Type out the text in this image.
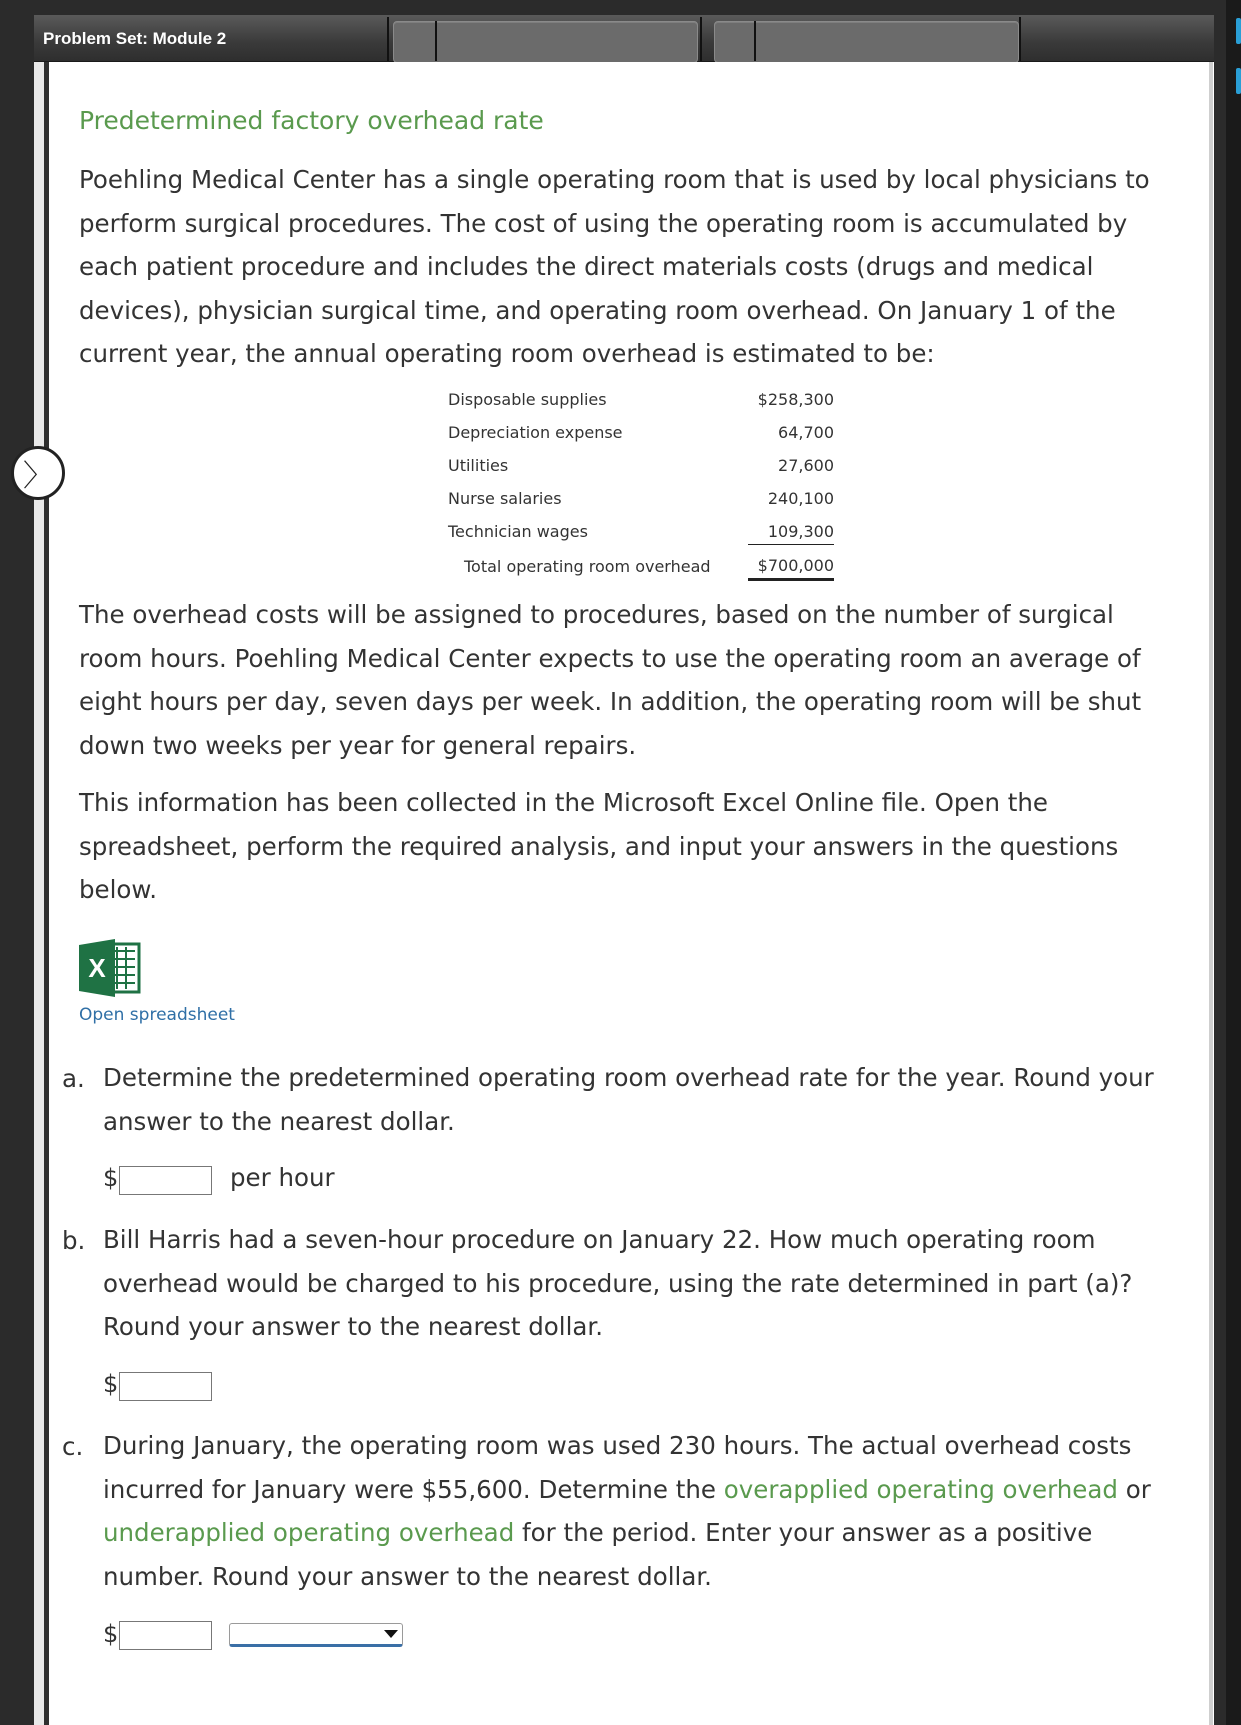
Problem Set: Module 2
〉
Predetermined factory overhead rate

Poehling Medical Center has a single operating room that is used by local physicians to perform surgical procedures. The cost of using the operating room is accumulated by each patient procedure and includes the direct materials costs (drugs and medical devices), physician surgical time, and operating room overhead. On January 1 of the current year, the annual operating room overhead is estimated to be:

Disposable supplies	$258,300
Depreciation expense	64,700
Utilities	27,600
Nurse salaries	240,100
Technician wages	109,300
Total operating room overhead	$700,000

The overhead costs will be assigned to procedures, based on the number of surgical room hours. Poehling Medical Center expects to use the operating room an average of eight hours per day, seven days per week. In addition, the operating room will be shut down two weeks per year for general repairs.

This information has been collected in the Microsoft Excel Online file. Open the spreadsheet, perform the required analysis, and input your answers in the questions below.

X
Open spreadsheet
a. Determine the predetermined operating room overhead rate for the year. Round your answer to the nearest dollar.

$	per hour
b. Bill Harris had a seven-hour procedure on January 22. How much operating room overhead would be charged to his procedure, using the rate determined in part (a)? Round your answer to the nearest dollar.

$
c. During January, the operating room was used 230 hours. The actual overhead costs incurred for January were $55,600. Determine the overapplied operating overhead or underapplied operating overhead for the period. Enter your answer as a positive number. Round your answer to the nearest dollar.

$
